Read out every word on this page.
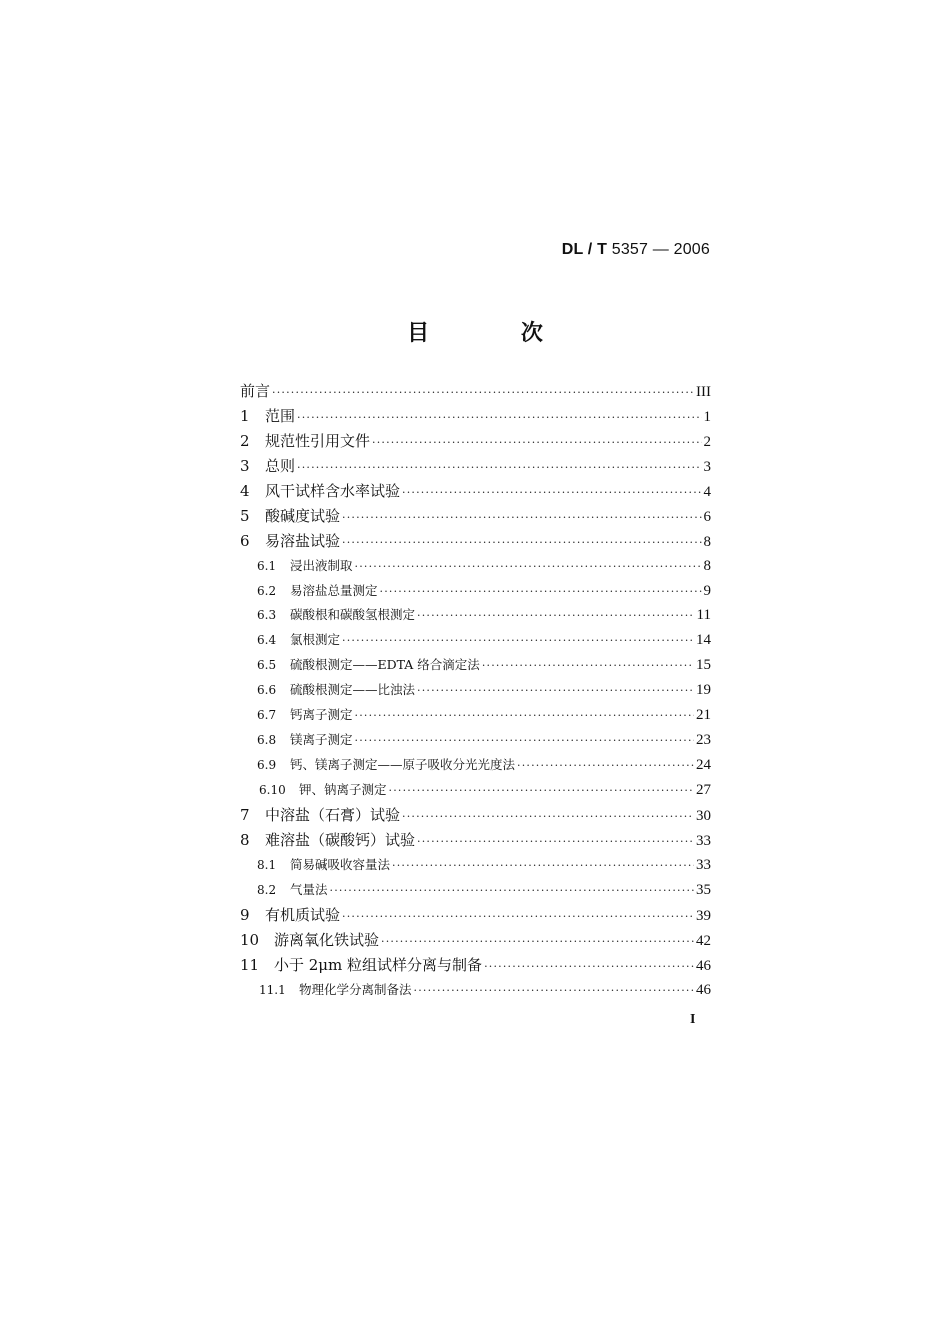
DL / T 5357 — 2006
目 次
前言 ·····	III
1	范围 ·····	1
2	规范性引用文件 ·····	2
3	总则 ·····	3
4	风干试样含水率试验 ·····	4
5	酸碱度试验 ·····	6
6	易溶盐试验 ·····	8
6.1	浸出液制取 ·····	8
6.2	易溶盐总量测定 ·····	9
6.3	碳酸根和碳酸氢根测定 ·····	11
6.4	氯根测定 ·····	14
6.5	硫酸根测定——EDTA 络合滴定法 ·····	15
6.6	硫酸根测定——比浊法 ·····	19
6.7	钙离子测定 ·····	21
6.8	镁离子测定 ·····	23
6.9	钙、镁离子测定——原子吸收分光光度法 ·····	24
6.10	钾、钠离子测定 ·····	27
7	中溶盐（石膏）试验 ·····	30
8	难溶盐（碳酸钙）试验 ·····	33
8.1	简易碱吸收容量法 ·····	33
8.2	气量法 ·····	35
9	有机质试验 ·····	39
10 游离氧化铁试验 ·····	42
11 小于 2μm 粒组试样分离与制备 ·····	46
11.1	物理化学分离制备法 ·····	46
I
